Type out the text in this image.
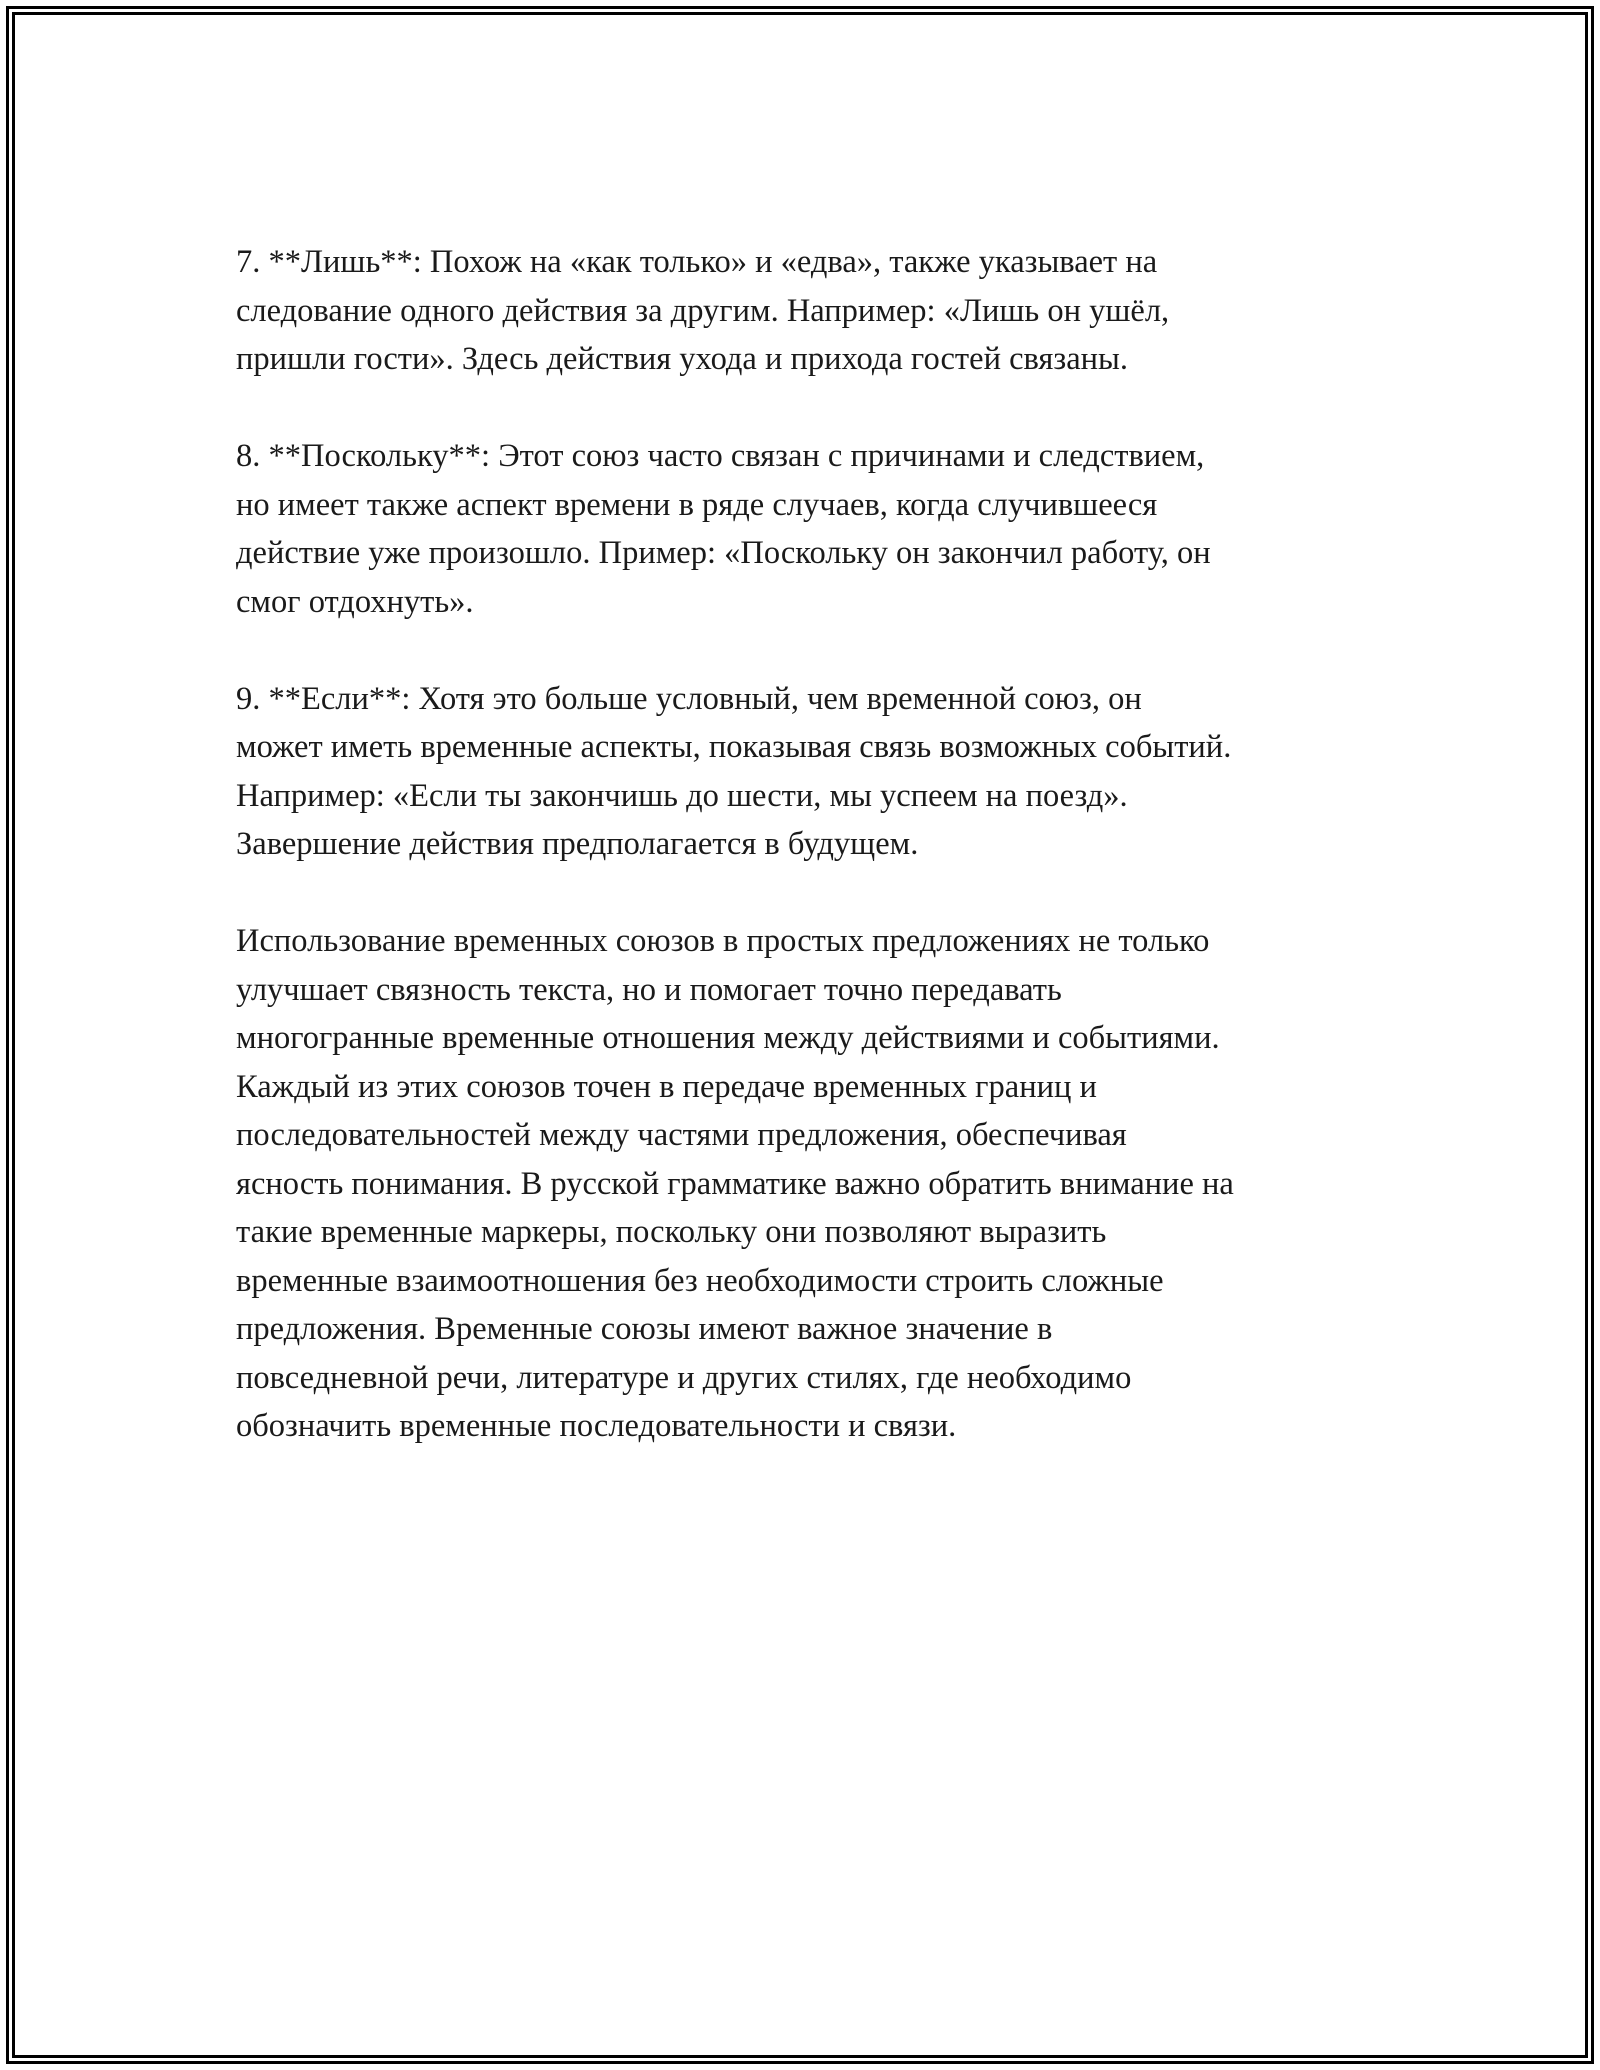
7. **Лишь**: Похож на «как только» и «едва», также указывает на
следование одного действия за другим. Например: «Лишь он ушёл,
пришли гости». Здесь действия ухода и прихода гостей связаны.

8. **Поскольку**: Этот союз часто связан с причинами и следствием,
но имеет также аспект времени в ряде случаев, когда случившееся
действие уже произошло. Пример: «Поскольку он закончил работу, он
смог отдохнуть».

9. **Если**: Хотя это больше условный, чем временной союз, он
может иметь временные аспекты, показывая связь возможных событий.
Например: «Если ты закончишь до шести, мы успеем на поезд».
Завершение действия предполагается в будущем.

Использование временных союзов в простых предложениях не только
улучшает связность текста, но и помогает точно передавать
многогранные временные отношения между действиями и событиями.
Каждый из этих союзов точен в передаче временных границ и
последовательностей между частями предложения, обеспечивая
ясность понимания. В русской грамматике важно обратить внимание на
такие временные маркеры, поскольку они позволяют выразить
временные взаимоотношения без необходимости строить сложные
предложения. Временные союзы имеют важное значение в
повседневной речи, литературе и других стилях, где необходимо
обозначить временные последовательности и связи.
